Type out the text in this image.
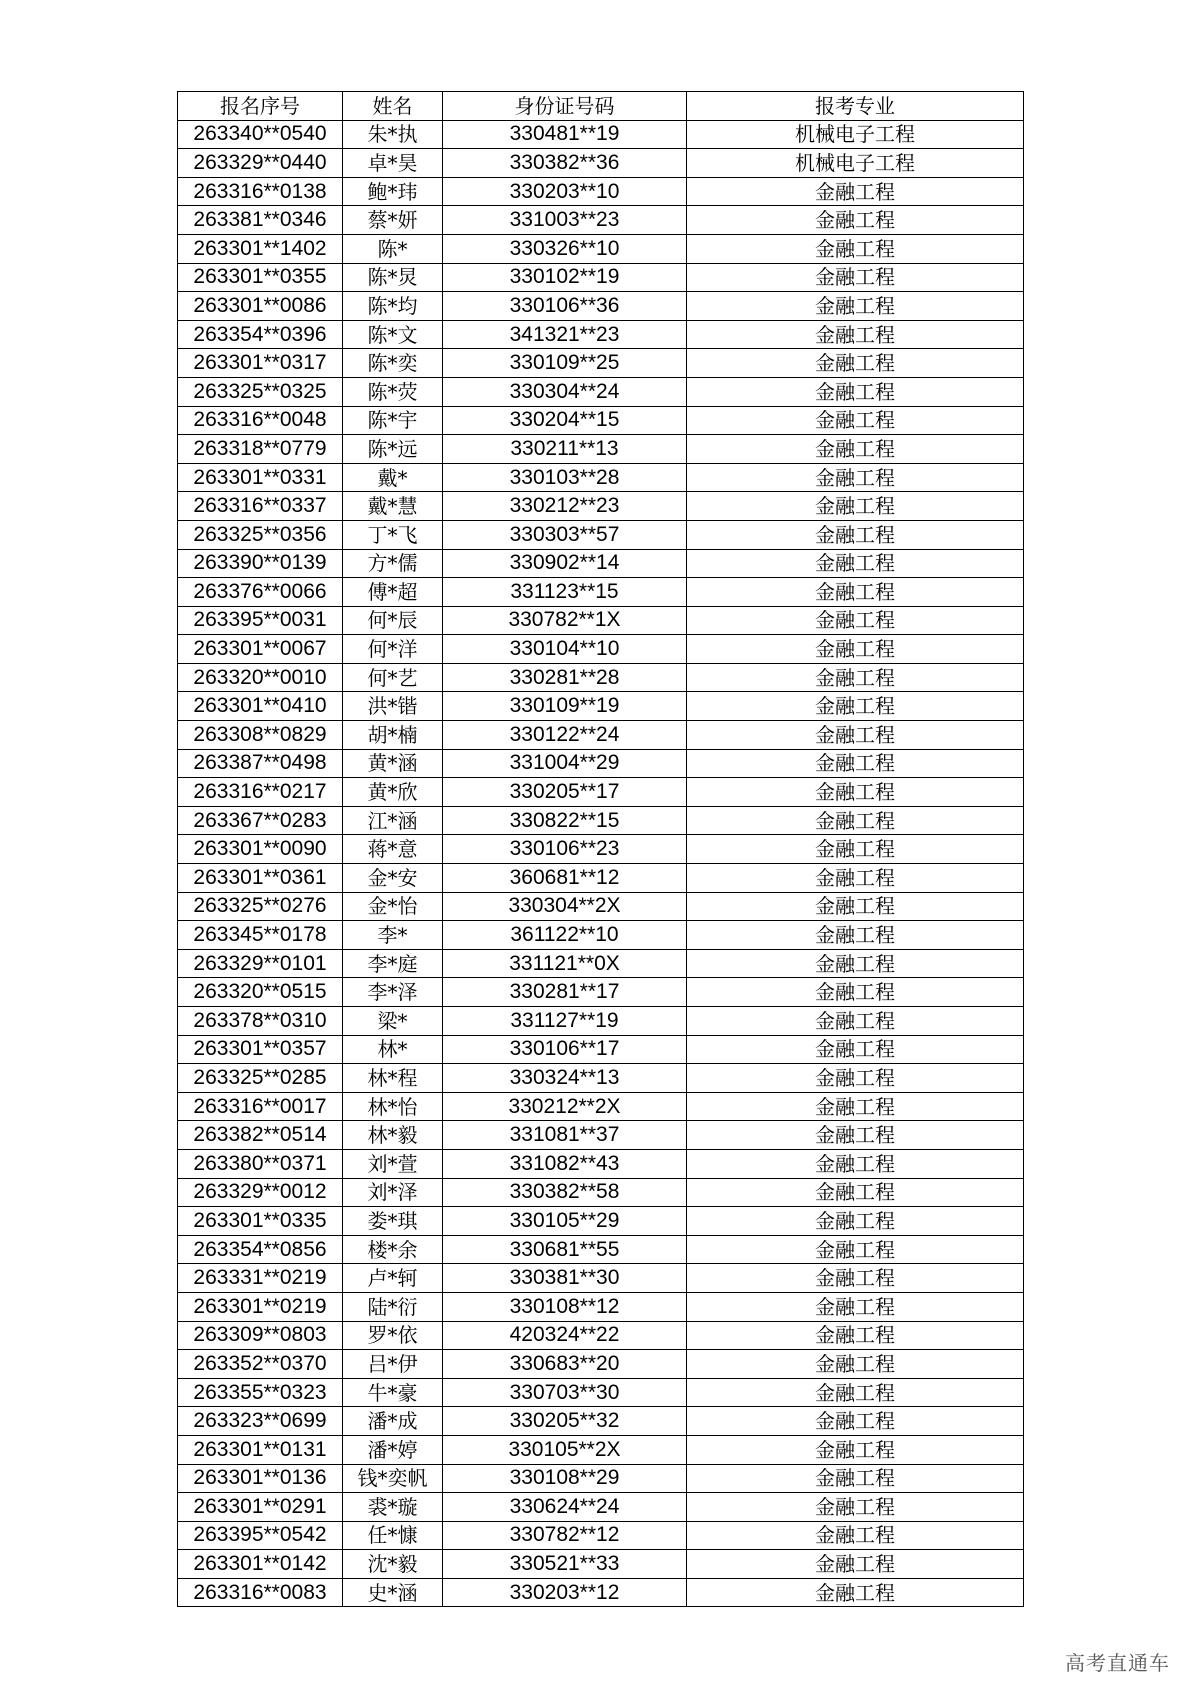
报名序号	姓名	身份证号码	报考专业
263340**0540	朱*执	330481**19	机械电子工程
263329**0440	卓*昊	330382**36	机械电子工程
263316**0138	鲍*玮	330203**10	金融工程
263381**0346	蔡*妍	331003**23	金融工程
263301**1402	陈*	330326**10	金融工程
263301**0355	陈*炅	330102**19	金融工程
263301**0086	陈*均	330106**36	金融工程
263354**0396	陈*文	341321**23	金融工程
263301**0317	陈*奕	330109**25	金融工程
263325**0325	陈*荧	330304**24	金融工程
263316**0048	陈*宇	330204**15	金融工程
263318**0779	陈*远	330211**13	金融工程
263301**0331	戴*	330103**28	金融工程
263316**0337	戴*慧	330212**23	金融工程
263325**0356	丁*飞	330303**57	金融工程
263390**0139	方*儒	330902**14	金融工程
263376**0066	傅*超	331123**15	金融工程
263395**0031	何*辰	330782**1X	金融工程
263301**0067	何*洋	330104**10	金融工程
263320**0010	何*艺	330281**28	金融工程
263301**0410	洪*锴	330109**19	金融工程
263308**0829	胡*楠	330122**24	金融工程
263387**0498	黄*涵	331004**29	金融工程
263316**0217	黄*欣	330205**17	金融工程
263367**0283	江*涵	330822**15	金融工程
263301**0090	蒋*意	330106**23	金融工程
263301**0361	金*安	360681**12	金融工程
263325**0276	金*怡	330304**2X	金融工程
263345**0178	李*	361122**10	金融工程
263329**0101	李*庭	331121**0X	金融工程
263320**0515	李*泽	330281**17	金融工程
263378**0310	梁*	331127**19	金融工程
263301**0357	林*	330106**17	金融工程
263325**0285	林*程	330324**13	金融工程
263316**0017	林*怡	330212**2X	金融工程
263382**0514	林*毅	331081**37	金融工程
263380**0371	刘*萱	331082**43	金融工程
263329**0012	刘*泽	330382**58	金融工程
263301**0335	娄*琪	330105**29	金融工程
263354**0856	楼*余	330681**55	金融工程
263331**0219	卢*轲	330381**30	金融工程
263301**0219	陆*衍	330108**12	金融工程
263309**0803	罗*依	420324**22	金融工程
263352**0370	吕*伊	330683**20	金融工程
263355**0323	牛*豪	330703**30	金融工程
263323**0699	潘*成	330205**32	金融工程
263301**0131	潘*婷	330105**2X	金融工程
263301**0136	钱*奕帆	330108**29	金融工程
263301**0291	裘*璇	330624**24	金融工程
263395**0542	任*慷	330782**12	金融工程
263301**0142	沈*毅	330521**33	金融工程
263316**0083	史*涵	330203**12	金融工程
高考直通车
